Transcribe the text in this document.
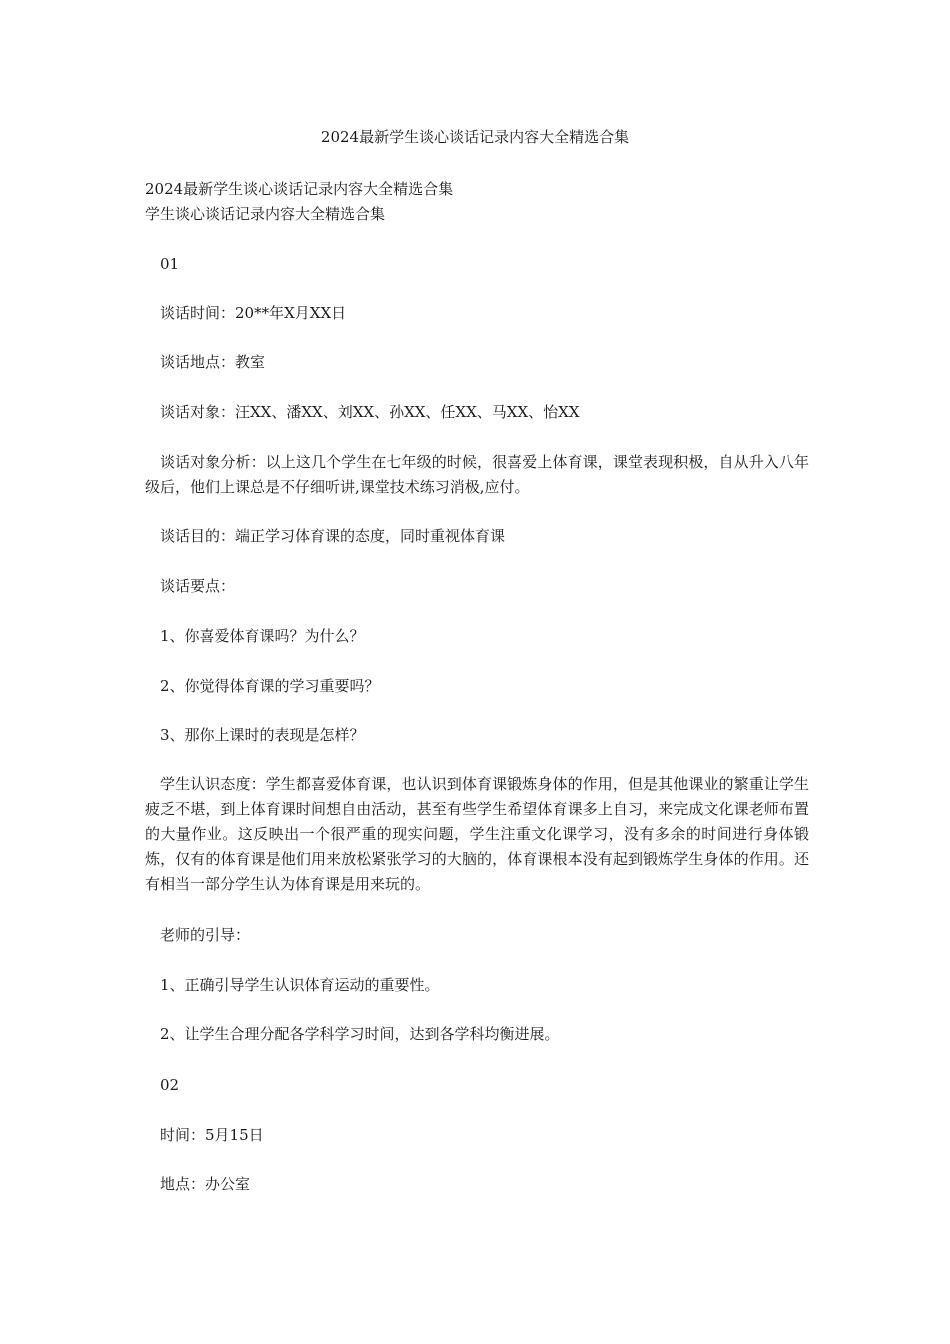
2024最新学生谈心谈话记录内容大全精选合集

2024最新学生谈心谈话记录内容大全精选合集

学生谈心谈话记录内容大全精选合集

01

谈话时间：20**年X月XX日

谈话地点：教室

谈话对象：汪XX、潘XX、刘XX、孙XX、任XX、马XX、怡XX

谈话对象分析：以上这几个学生在七年级的时候，很喜爱上体育课，课堂表现积极，自从升入八年级后，他们上课总是不仔细听讲,课堂技术练习消极,应付。

谈话目的：端正学习体育课的态度，同时重视体育课

谈话要点：

1、你喜爱体育课吗？为什么？

2、你觉得体育课的学习重要吗？

3、那你上课时的表现是怎样？

学生认识态度：学生都喜爱体育课，也认识到体育课锻炼身体的作用，但是其他课业的繁重让学生疲乏不堪，到上体育课时间想自由活动，甚至有些学生希望体育课多上自习，来完成文化课老师布置的大量作业。这反映出一个很严重的现实问题，学生注重文化课学习，没有多余的时间进行身体锻炼，仅有的体育课是他们用来放松紧张学习的大脑的，体育课根本没有起到锻炼学生身体的作用。还有相当一部分学生认为体育课是用来玩的。

老师的引导：

1、正确引导学生认识体育运动的重要性。

2、让学生合理分配各学科学习时间，达到各学科均衡进展。

02

时间：5月15日

地点：办公室
